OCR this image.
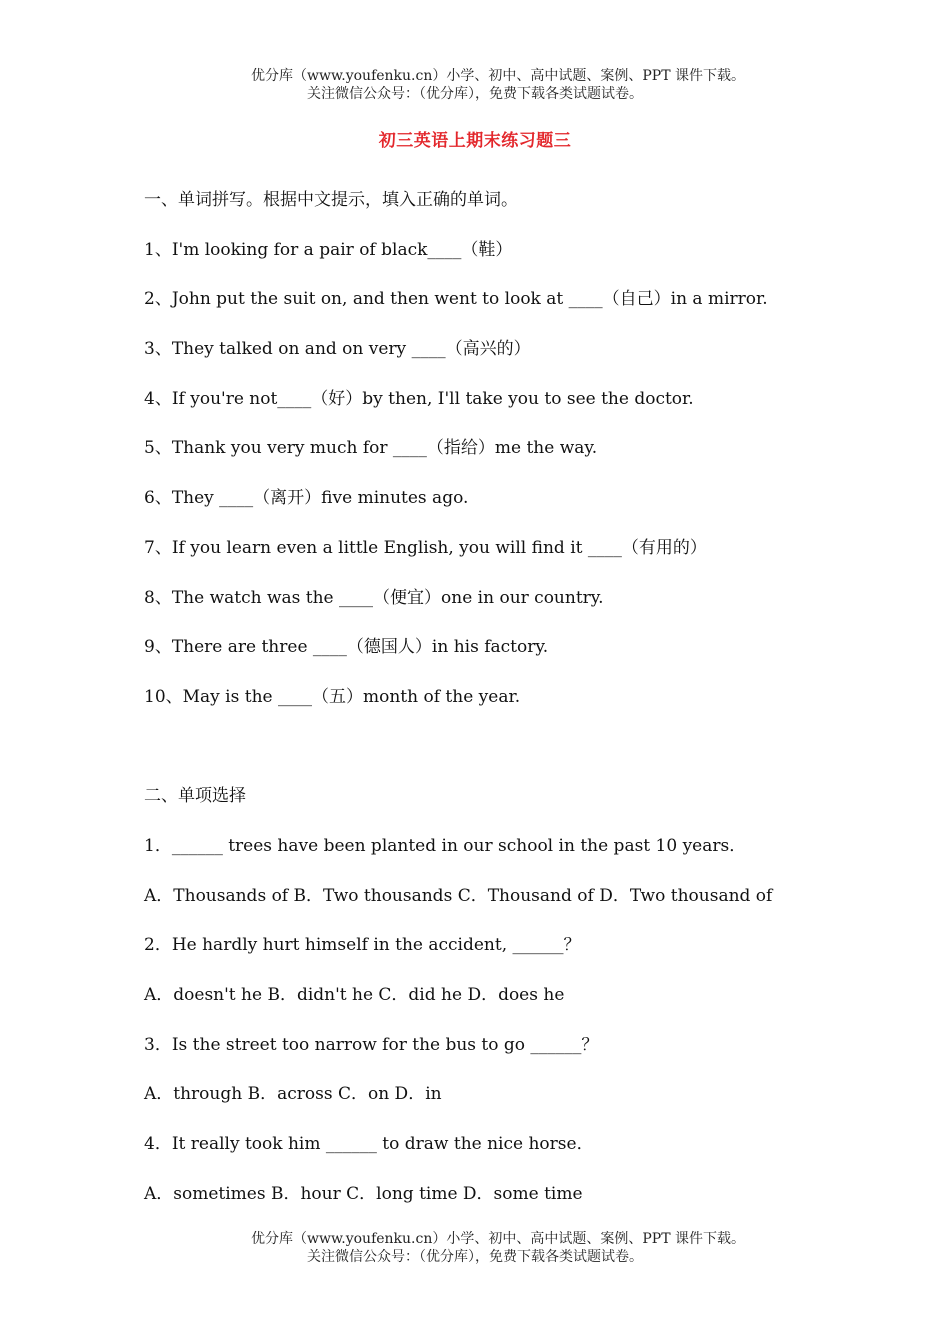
优分库（www.youfenku.cn）小学、初中、高中试题、案例、PPT 课件下载。
关注微信公众号：（优分库），免费下载各类试题试卷。
初三英语上期末练习题三
一、单词拼写。根据中文提示，填入正确的单词。
1、I'm looking for a pair of black____（鞋）
2、John put the suit on, and then went to look at ____（自己）in a mirror.
3、They talked on and on very ____（高兴的）
4、If you're not____（好）by then, I'll take you to see the doctor.
5、Thank you very much for ____（指给）me the way.
6、They ____（离开）five minutes ago.
7、If you learn even a little English, you will find it ____（有用的）
8、The watch was the ____（便宜）one in our country.
9、There are three ____（德国人）in his factory.
10、May is the ____（五）month of the year.
二、单项选择
1．______ trees have been planted in our school in the past 10 years．
A．Thousands of B．Two thousands C．Thousand of D．Two thousand of
2．He hardly hurt himself in the accident, ______？
A．doesn't he B．didn't he C．did he D．does he
3．Is the street too narrow for the bus to go ______？
A．through B．across C．on D．in
4．It really took him ______ to draw the nice horse．
A．sometimes B．hour C．long time D．some time
优分库（www.youfenku.cn）小学、初中、高中试题、案例、PPT 课件下载。
关注微信公众号：（优分库），免费下载各类试题试卷。
